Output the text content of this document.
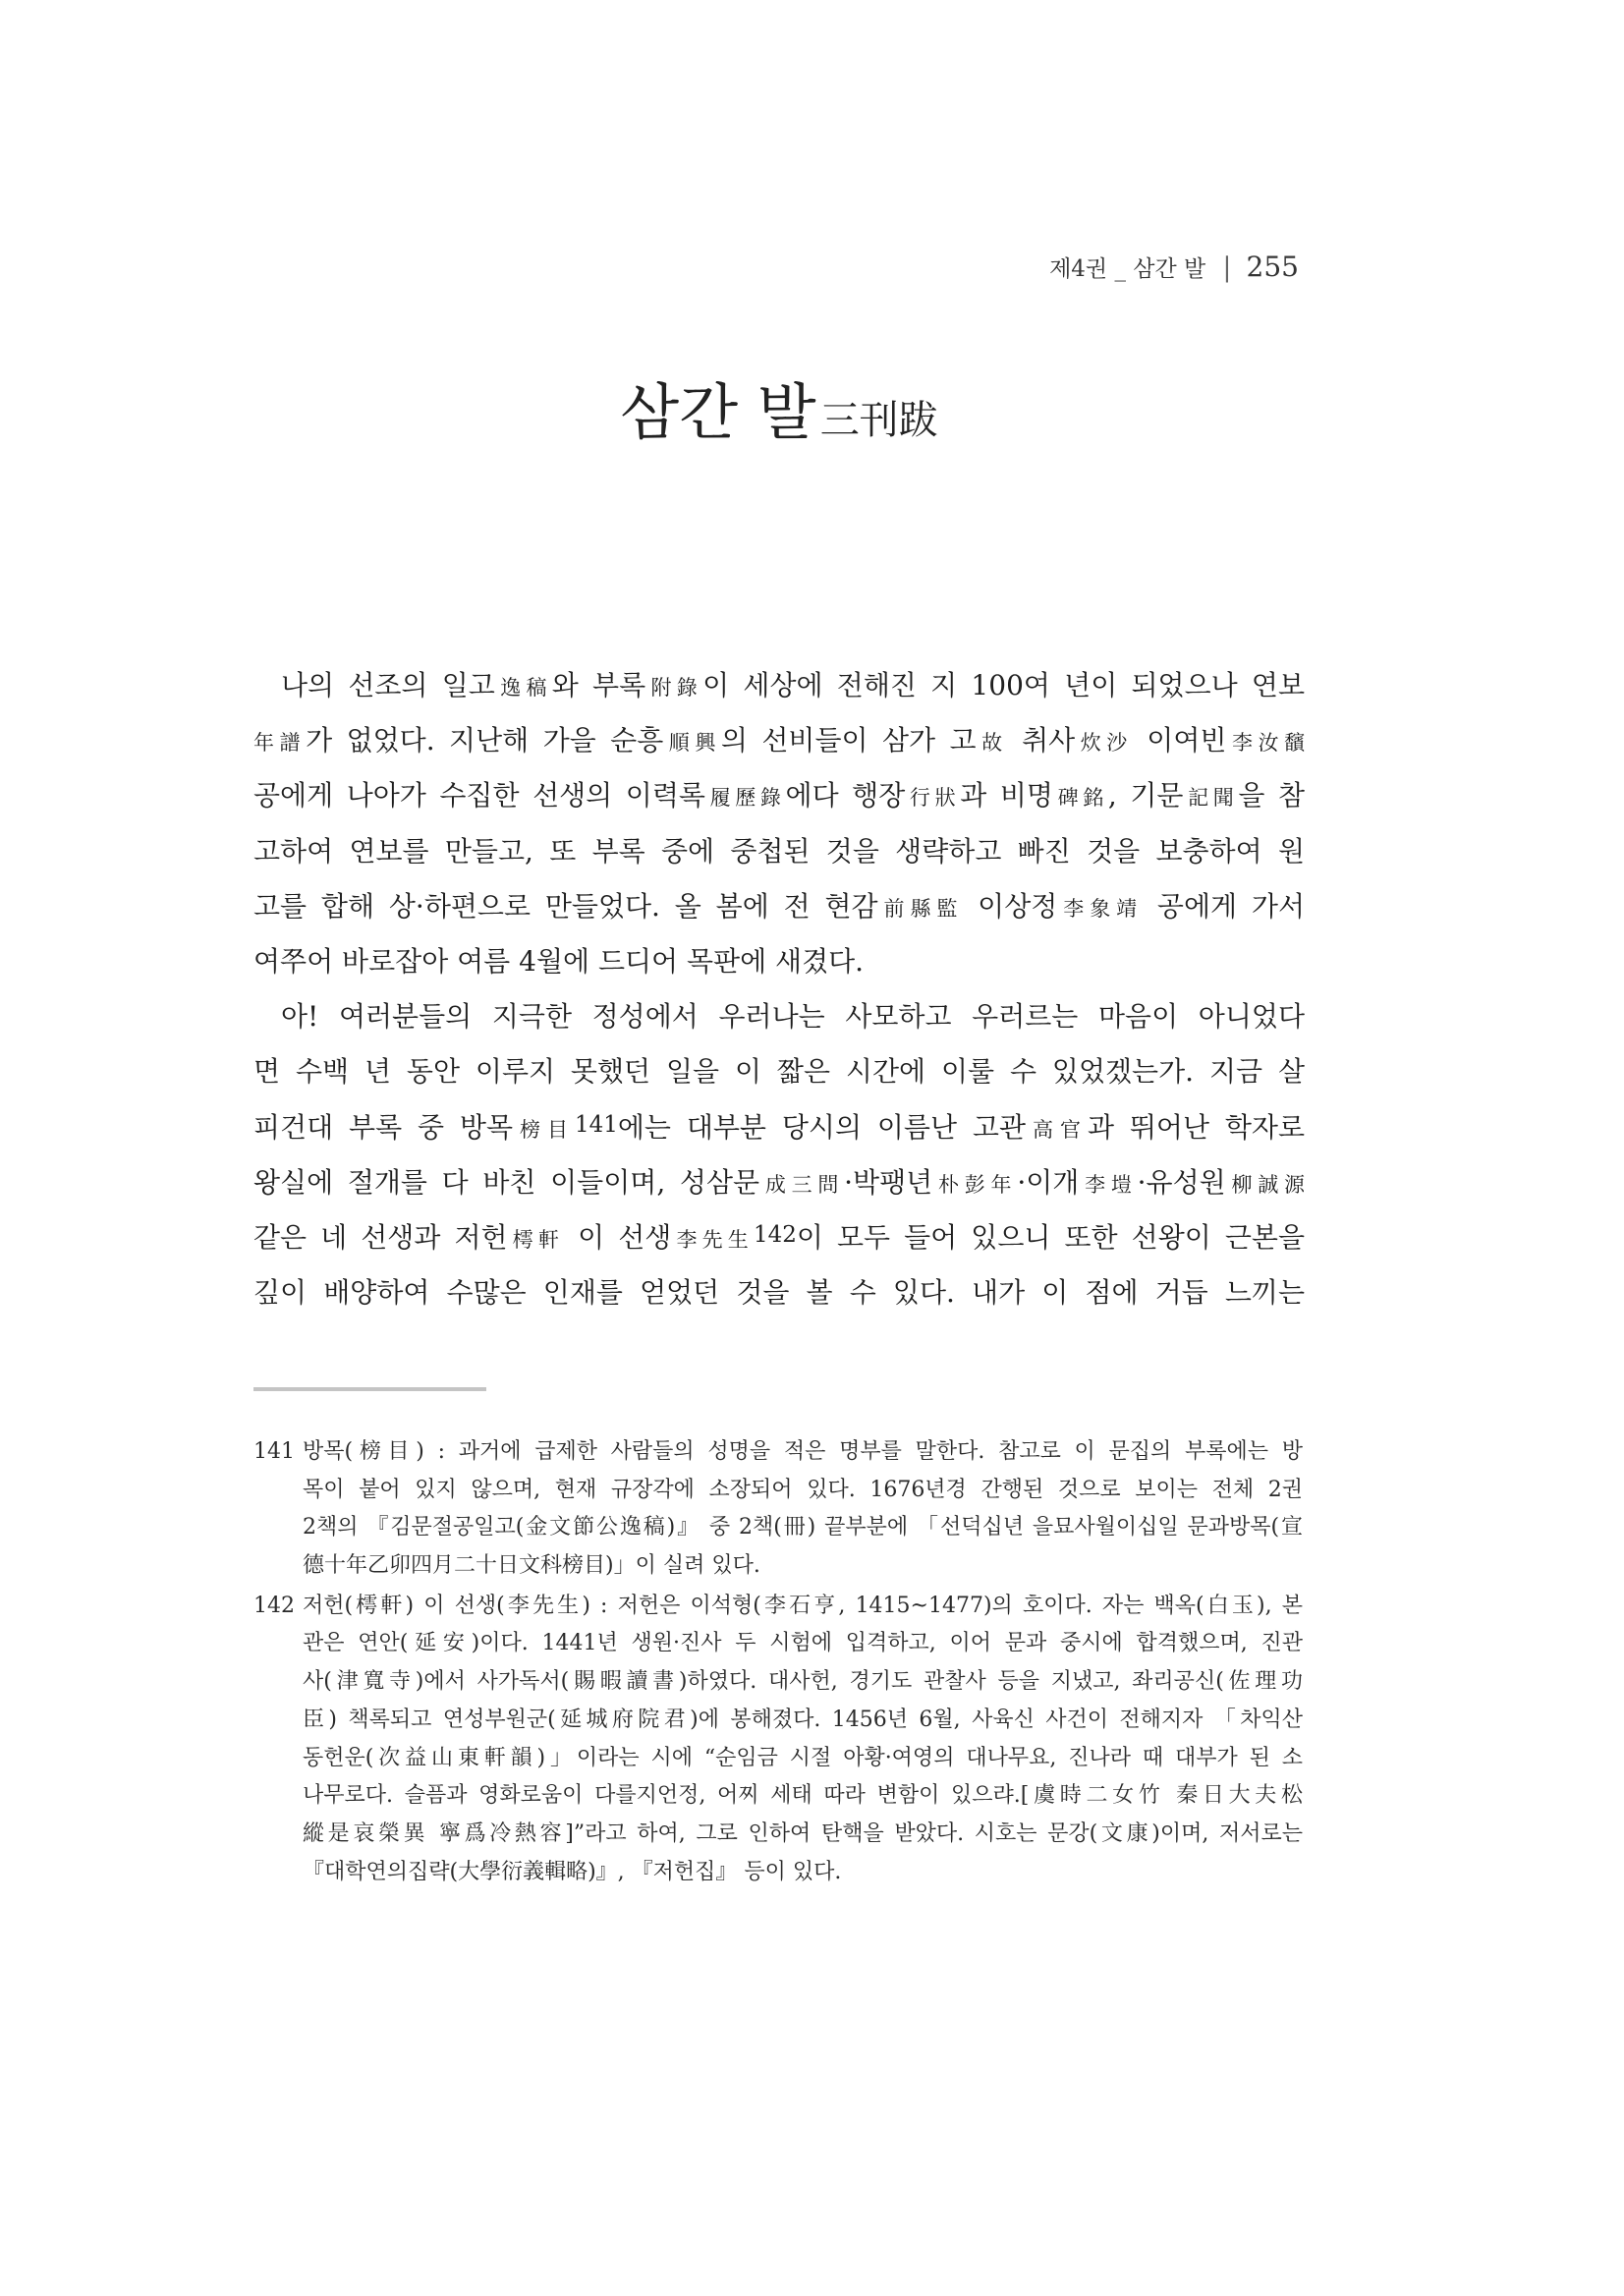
제4권 _ 삼간 발 | 255
삼간 발 三刊跋
나의 선조의 일고逸稿와 부록附錄이 세상에 전해진 지 100여 년이 되었으나 연보
年譜가 없었다. 지난해 가을 순흥順興의 선비들이 삼가 고故 취사炊沙 이여빈李汝馪
공에게 나아가 수집한 선생의 이력록履歷錄에다 행장行狀과 비명碑銘, 기문記聞을 참
고하여 연보를 만들고, 또 부록 중에 중첩된 것을 생략하고 빠진 것을 보충하여 원
고를 합해 상·하편으로 만들었다. 올 봄에 전 현감前縣監 이상정李象靖 공에게 가서
여쭈어 바로잡아 여름 4월에 드디어 목판에 새겼다.
아! 여러분들의 지극한 정성에서 우러나는 사모하고 우러르는 마음이 아니었다
면 수백 년 동안 이루지 못했던 일을 이 짧은 시간에 이룰 수 있었겠는가. 지금 살
피건대 부록 중 방목榜目141에는 대부분 당시의 이름난 고관高官과 뛰어난 학자로
왕실에 절개를 다 바친 이들이며, 성삼문成三問·박팽년朴彭年·이개李塏·유성원柳誠源
같은 네 선생과 저헌樗軒 이 선생李先生142이 모두 들어 있으니 또한 선왕이 근본을
깊이 배양하여 수많은 인재를 얻었던 것을 볼 수 있다. 내가 이 점에 거듭 느끼는
141 방목(榜目) : 과거에 급제한 사람들의 성명을 적은 명부를 말한다. 참고로 이 문집의 부록에는 방
목이 붙어 있지 않으며, 현재 규장각에 소장되어 있다. 1676년경 간행된 것으로 보이는 전체 2권
2책의 『김문절공일고(金文節公逸稿)』 중 2책(冊) 끝부분에 「선덕십년 을묘사월이십일 문과방목(宣
德十年乙卯四月二十日文科榜目)」이 실려 있다.
142 저헌(樗軒) 이 선생(李先生) : 저헌은 이석형(李石亨, 1415~1477)의 호이다. 자는 백옥(白玉), 본
관은 연안(延安)이다. 1441년 생원·진사 두 시험에 입격하고, 이어 문과 중시에 합격했으며, 진관
사(津寬寺)에서 사가독서(賜暇讀書)하였다. 대사헌, 경기도 관찰사 등을 지냈고, 좌리공신(佐理功
臣) 책록되고 연성부원군(延城府院君)에 봉해졌다. 1456년 6월, 사육신 사건이 전해지자 「차익산
동헌운(次益山東軒韻)」이라는 시에 “순임금 시절 아황·여영의 대나무요, 진나라 때 대부가 된 소
나무로다. 슬픔과 영화로움이 다를지언정, 어찌 세태 따라 변함이 있으랴.[虞時二女竹 秦日大夫松
縱是哀榮異 寧爲冷熱容]”라고 하여, 그로 인하여 탄핵을 받았다. 시호는 문강(文康)이며, 저서로는
『대학연의집략(大學衍義輯略)』, 『저헌집』 등이 있다.
